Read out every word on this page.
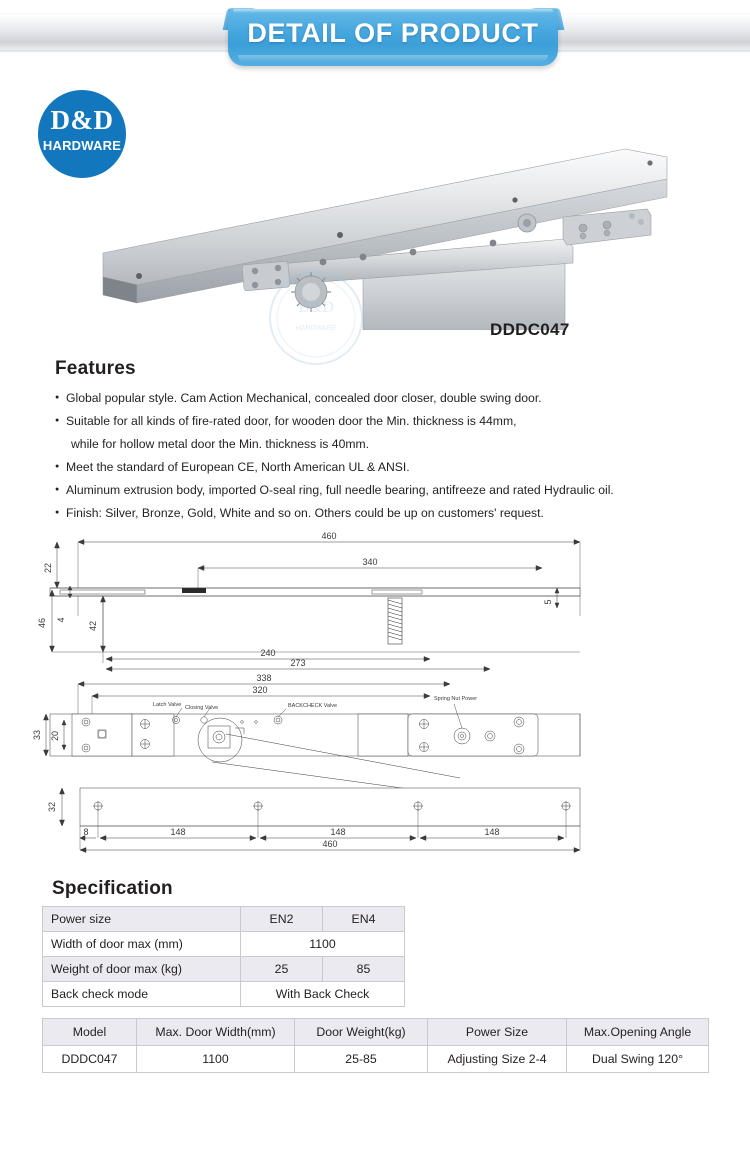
DETAIL OF PRODUCT
D&D
HARDWARE
DDDC047
D&D
HARDWARE
Features
● Global popular style. Cam Action Mechanical, concealed door closer, double swing door.
● Suitable for all kinds of fire-rated door, for wooden door the Min. thickness is 44mm,
while for hollow metal door the Min. thickness is 40mm.
● Meet the standard of European CE, North American UL & ANSI.
● Aluminum extrusion body, imported O-seal ring, full needle bearing, antifreeze and rated Hydraulic oil.
● Finish: Silver, Bronze, Gold, White and so on. Others could be up on customers' request.
460
340
22
46 4
42
240
273
5
338
320
33 20
Latch Valve Closing Valve	BACKCHECK Valve
Spring Nut Power
32
8	148	148	148
460
Specification
Power size	EN2	EN4
Width of door max (mm)	1100	
Weight of door max (kg)	25	85
Back check mode	With Back Check	
Model	Max. Door Width(mm)	Door Weight(kg)	Power Size	Max.Opening Angle
DDDC047	1100	25-85	Adjusting Size 2-4	Dual Swing 120°
